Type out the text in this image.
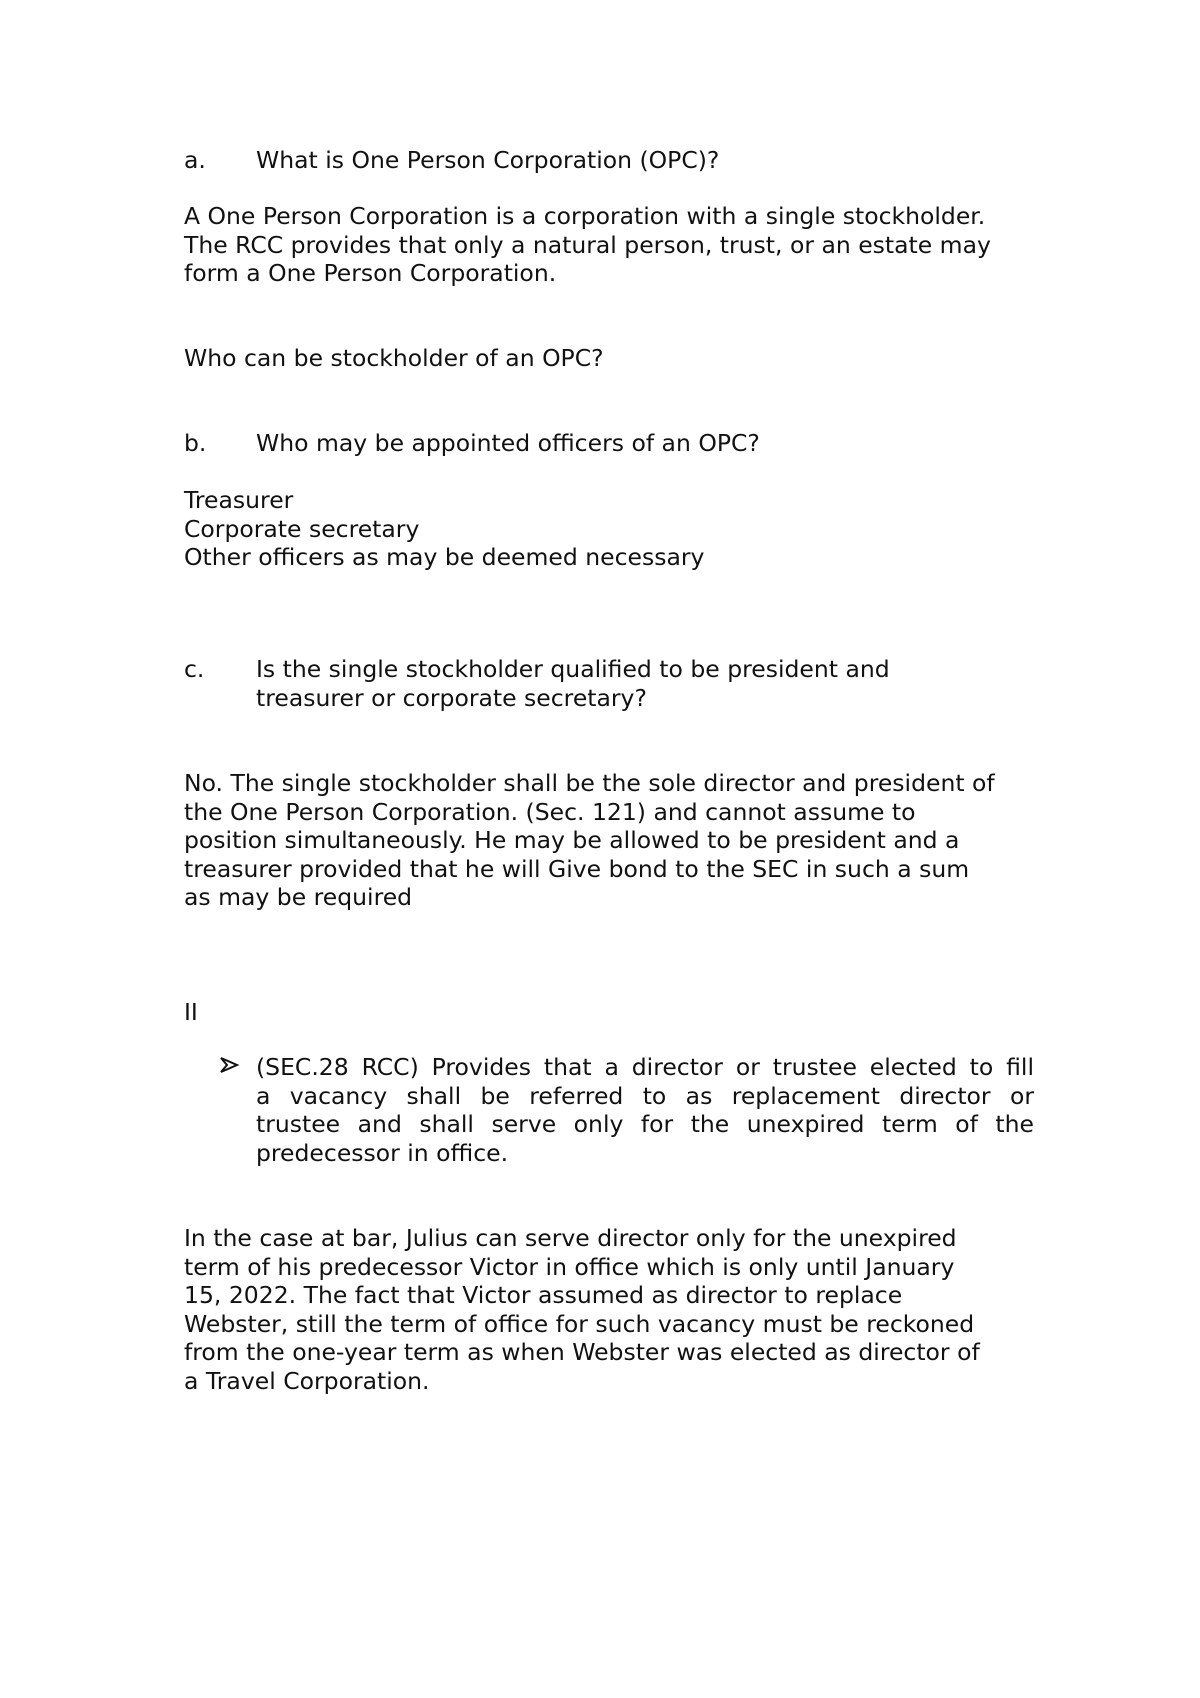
a. What is One Person Corporation (OPC)?
A One Person Corporation is a corporation with a single stockholder.
The RCC provides that only a natural person, trust, or an estate may
form a One Person Corporation.
Who can be stockholder of an OPC?
b. Who may be appointed officers of an OPC?
Treasurer
Corporate secretary
Other officers as may be deemed necessary
c. Is the single stockholder qualified to be president and
treasurer or corporate secretary?
No. The single stockholder shall be the sole director and president of
the One Person Corporation. (Sec. 121) and cannot assume to
position simultaneously. He may be allowed to be president and a
treasurer provided that he will Give bond to the SEC in such a sum
as may be required
II
(SEC.28 RCC) Provides that a director or trustee elected to fill
a vacancy shall be referred to as replacement director or
trustee and shall serve only for the unexpired term of the
predecessor in office.
In the case at bar, Julius can serve director only for the unexpired
term of his predecessor Victor in office which is only until January
15, 2022. The fact that Victor assumed as director to replace
Webster, still the term of office for such vacancy must be reckoned
from the one-year term as when Webster was elected as director of
a Travel Corporation.
